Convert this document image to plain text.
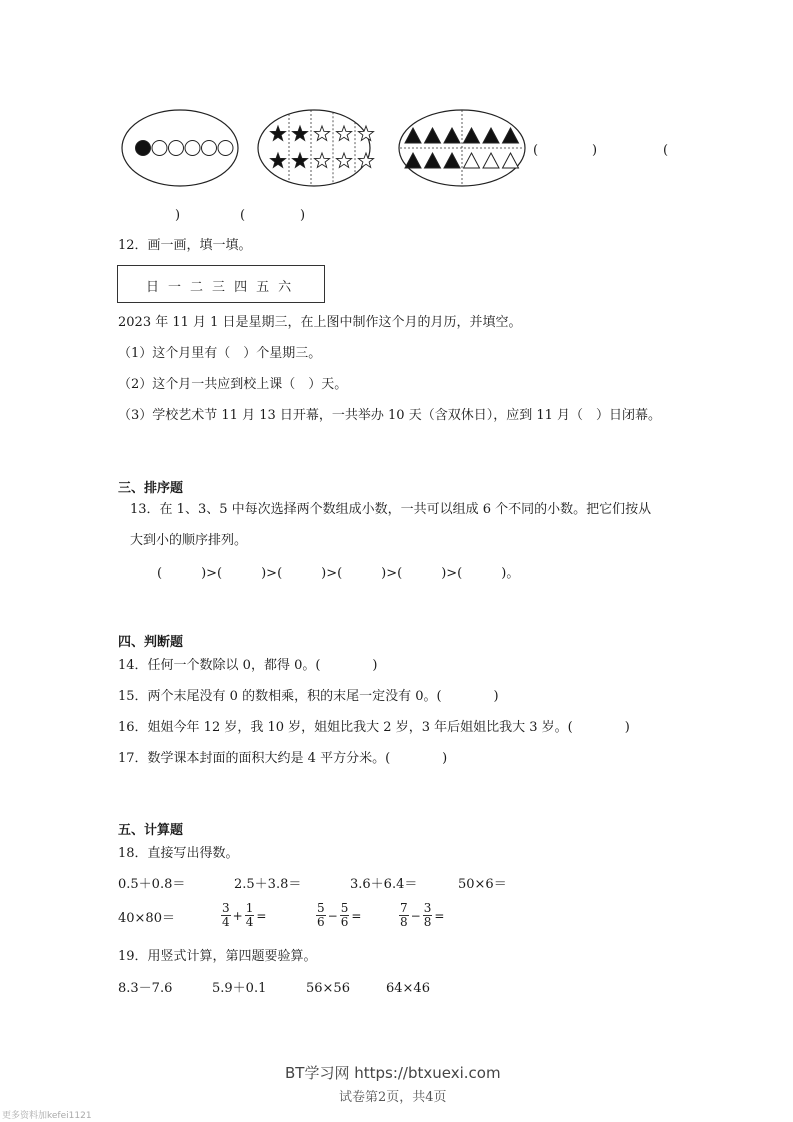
(	)	(
)	(	)
12．画一画，填一填。
日 一 二 三 四 五 六
2023 年 11 月 1 日是星期三，在上图中制作这个月的月历，并填空。
（1）这个月里有（　）个星期三。
（2）这个月一共应到校上课（　）天。
（3）学校艺术节 11 月 13 日开幕，一共举办 10 天（含双休日），应到 11 月（　）日闭幕。
三、排序题
13．在 1、3、5 中每次选择两个数组成小数，一共可以组成 6 个不同的小数。把它们按从
大到小的顺序排列。
(　　　)>(　　　)>(　　　)>(　　　)>(　　　)>(　　　)。
四、判断题
14．任何一个数除以 0，都得 0。(　　　　)
15．两个末尾没有 0 的数相乘，积的末尾一定没有 0。(　　　　)
16．姐姐今年 12 岁，我 10 岁，姐姐比我大 2 岁，3 年后姐姐比我大 3 岁。(　　　　)
17．数学课本封面的面积大约是 4 平方分米。(　　　　)
五、计算题
18．直接写出得数。
0.5＋0.8＝	2.5＋3.8＝	3.6＋6.4＝	50×6＝
40×80＝	$\frac{3}{4} + \frac{1}{4}$ =	$\frac{5}{6} - \frac{5}{6}$ =	$\frac{7}{8} - \frac{3}{8}$ =
19．用竖式计算，第四题要验算。
8.3－7.6	5.9＋0.1	56×56	64×46
BT学习网 https://btxuexi.com
试卷第2页，共4页
更多资料加kefei1121
